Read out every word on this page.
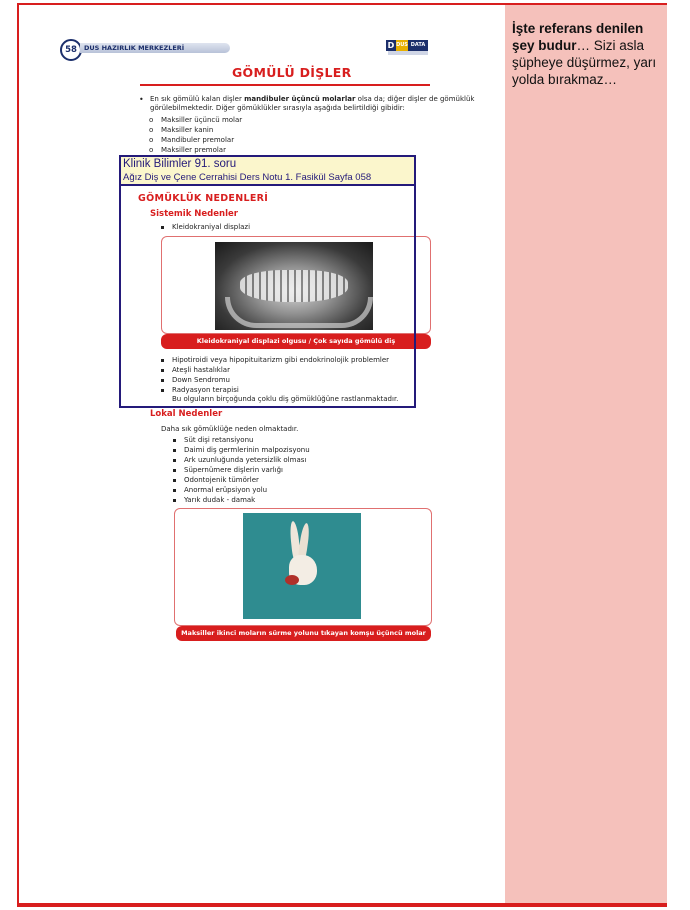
İşte referans denilen şey budur… Sizi asla şüpheye düşürmez, yarı yolda bırakmaz…
58	DUS HAZIRLIK MERKEZLERİ	D DUS DATA
GÖMÜLÜ DİŞLER
• En sık gömülü kalan dişler mandibuler üçüncü molarlar olsa da; diğer dişler de gömüklük
görülebilmektedir. Diğer gömüklükler sırasıyla aşağıda belirtildiği gibidir:
o Maksiller üçüncü molar
o Maksiller kanin
o Mandibuler premolar
o Maksiller premolar
GÖMÜKLÜK NEDENLERİ
Sistemik Nedenler
Kleidokraniyal displazi
Kleidokraniyal displazi olgusu / Çok sayıda gömülü diş
Hipotiroidi veya hipopituitarizm gibi endokrinolojik problemler
Ateşli hastalıklar
Down Sendromu
Radyasyon terapisi
Bu olguların birçoğunda çoklu diş gömüklüğüne rastlanmaktadır.
Lokal Nedenler
Daha sık gömüklüğe neden olmaktadır.
Süt dişi retansiyonu
Daimi diş germlerinin malpozisyonu
Ark uzunluğunda yetersizlik olması
Süpernümere dişlerin varlığı
Odontojenik tümörler
Anormal erüpsiyon yolu
Yarık dudak - damak
Maksiller ikinci moların sürme yolunu tıkayan komşu üçüncü molar diş
Klinik Bilimler 91. soru
Ağız Diş ve Çene Cerrahisi Ders Notu 1. Fasikül Sayfa 058
